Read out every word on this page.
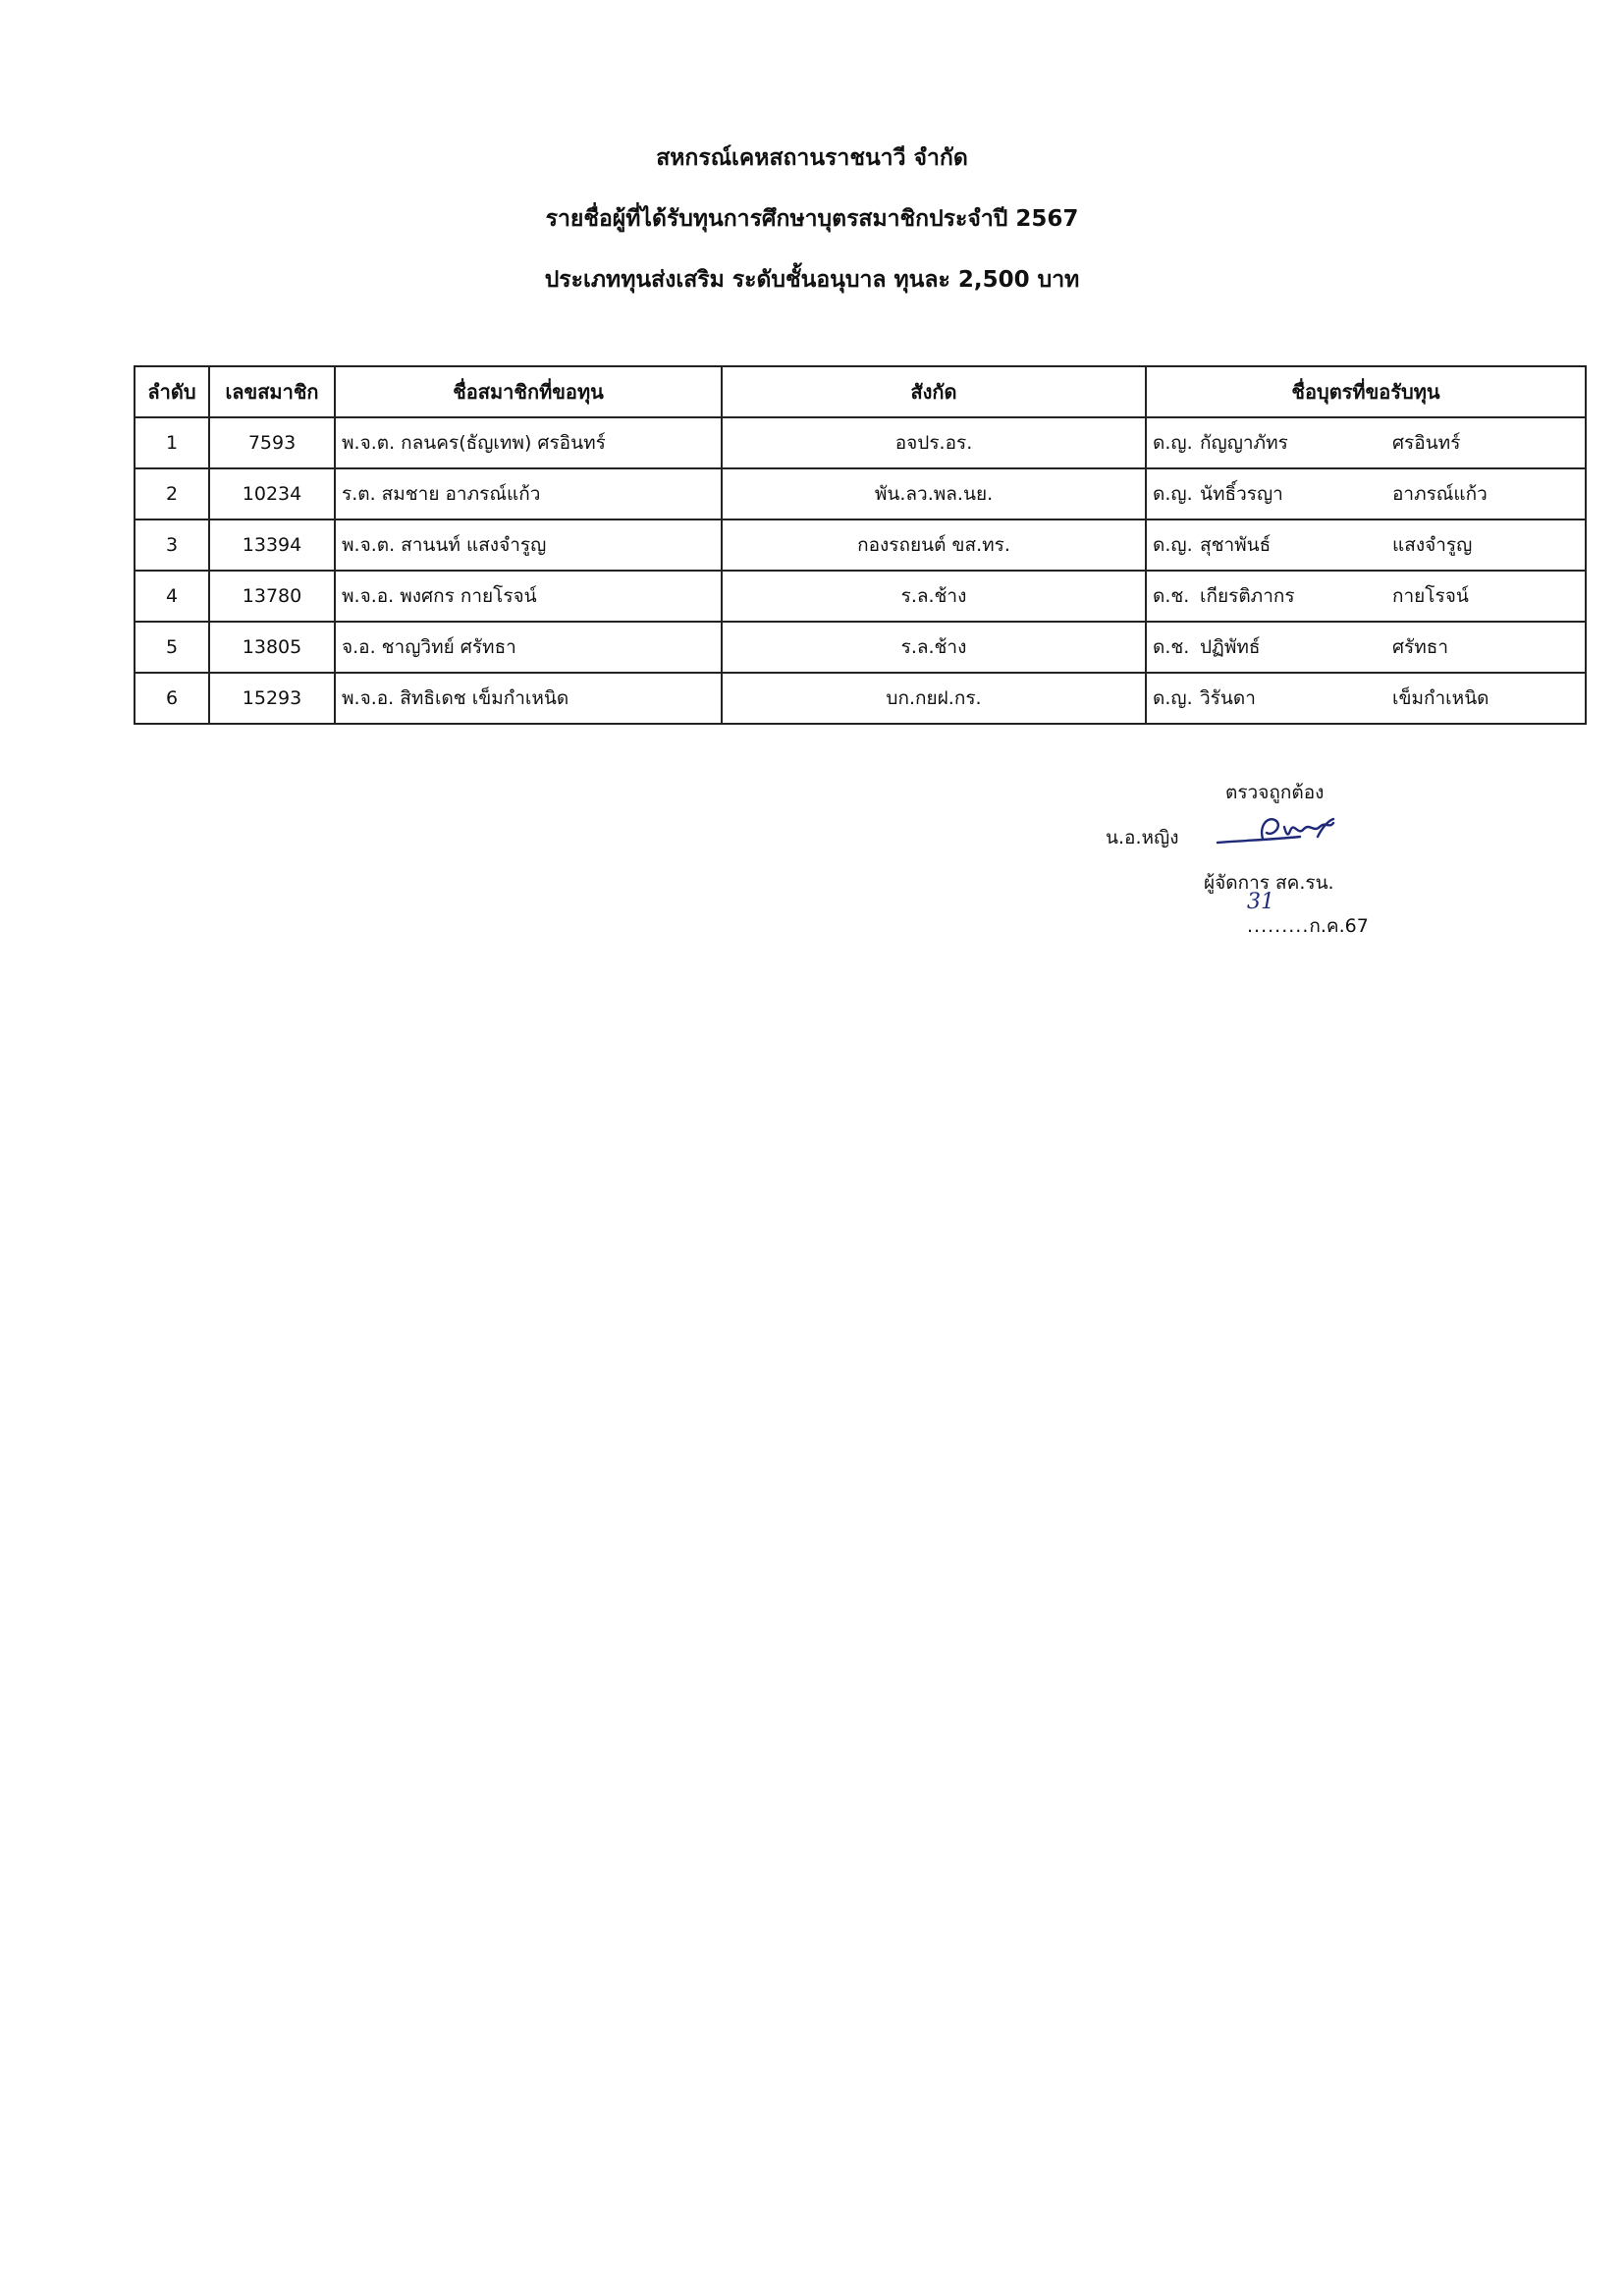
สหกรณ์เคหสถานราชนาวี จำกัด
รายชื่อผู้ที่ได้รับทุนการศึกษาบุตรสมาชิกประจำปี 2567
ประเภททุนส่งเสริม ระดับชั้นอนุบาล ทุนละ 2,500 บาท
ลำดับ	เลขสมาชิก	ชื่อสมาชิกที่ขอทุน	สังกัด	ชื่อบุตรที่ขอรับทุน
1	7593	พ.จ.ต. กลนคร(ธัญเทพ) ศรอินทร์	อจปร.อร.	ด.ญ. กัญญาภัทร ศรอินทร์

2	10234	ร.ต. สมชาย อาภรณ์แก้ว	พัน.ลว.พล.นย.	ด.ญ. นัทธิ์วรญา อาภรณ์แก้ว

3	13394	พ.จ.ต. สานนท์ แสงจำรูญ	กองรถยนต์ ขส.ทร.	ด.ญ. สุชาพันธ์ แสงจำรูญ

4	13780	พ.จ.อ. พงศกร กายโรจน์	ร.ล.ช้าง	ด.ช. เกียรติภากร กายโรจน์

5	13805	จ.อ. ชาญวิทย์ ศรัทธา	ร.ล.ช้าง	ด.ช. ปฏิพัทธ์ ศรัทธา

6	15293	พ.จ.อ. สิทธิเดช เข็มกำเหนิด	บก.กยฝ.กร.	ด.ญ. วิรันดา เข็มกำเหนิด
ตรวจถูกต้อง
น.อ.หญิง
ผู้จัดการ สค.รน.
31
.........ก.ค.67
